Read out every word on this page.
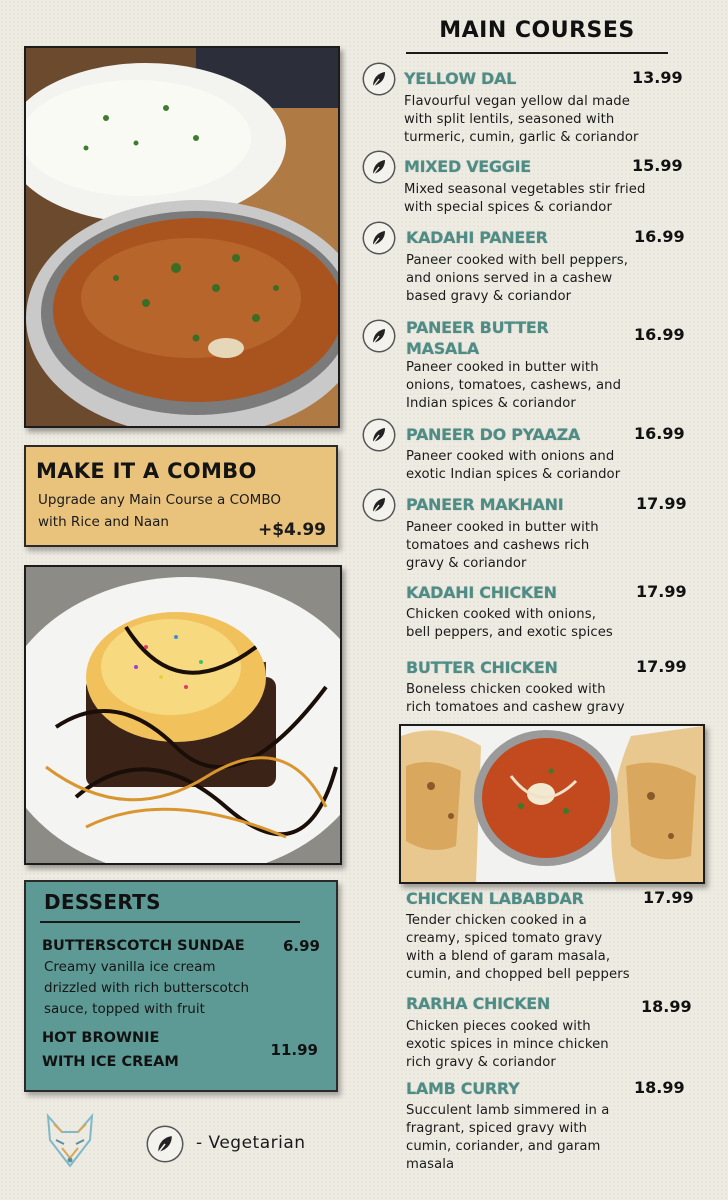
MAKE IT A COMBO
Upgrade any Main Course a COMBO
with Rice and Naan	+$4.99
DESSERTS
BUTTERSCOTCH SUNDAE	6.99
Creamy vanilla ice cream
drizzled with rich butterscotch
sauce, topped with fruit
HOT BROWNIE
WITH ICE CREAM
11.99
MAIN COURSES
YELLOW DAL	13.99
Flavourful vegan yellow dal made
with split lentils, seasoned with
turmeric, cumin, garlic & coriandor
MIXED VEGGIE	15.99
Mixed seasonal vegetables stir fried
with special spices & coriandor
KADAHI PANEER	16.99
Paneer cooked with bell peppers,
and onions served in a cashew
based gravy & coriandor
PANEER BUTTER
MASALA
16.99
Paneer cooked in butter with
onions, tomatoes, cashews, and
Indian spices & coriandor
PANEER DO PYAAZA	16.99
Paneer cooked with onions and
exotic Indian spices & coriandor
PANEER MAKHANI	17.99
Paneer cooked in butter with
tomatoes and cashews rich
gravy & coriandor
KADAHI CHICKEN	17.99
Chicken cooked with onions,
bell peppers, and exotic spices
BUTTER CHICKEN	17.99
Boneless chicken cooked with
rich tomatoes and cashew gravy
CHICKEN LABABDAR	17.99
Tender chicken cooked in a
creamy, spiced tomato gravy
with a blend of garam masala,
cumin, and chopped bell peppers
RARHA CHICKEN	18.99
Chicken pieces cooked with
exotic spices in mince chicken
rich gravy & coriandor
LAMB CURRY	18.99
Succulent lamb simmered in a
fragrant, spiced gravy with
cumin, coriander, and garam
masala
- Vegetarian
